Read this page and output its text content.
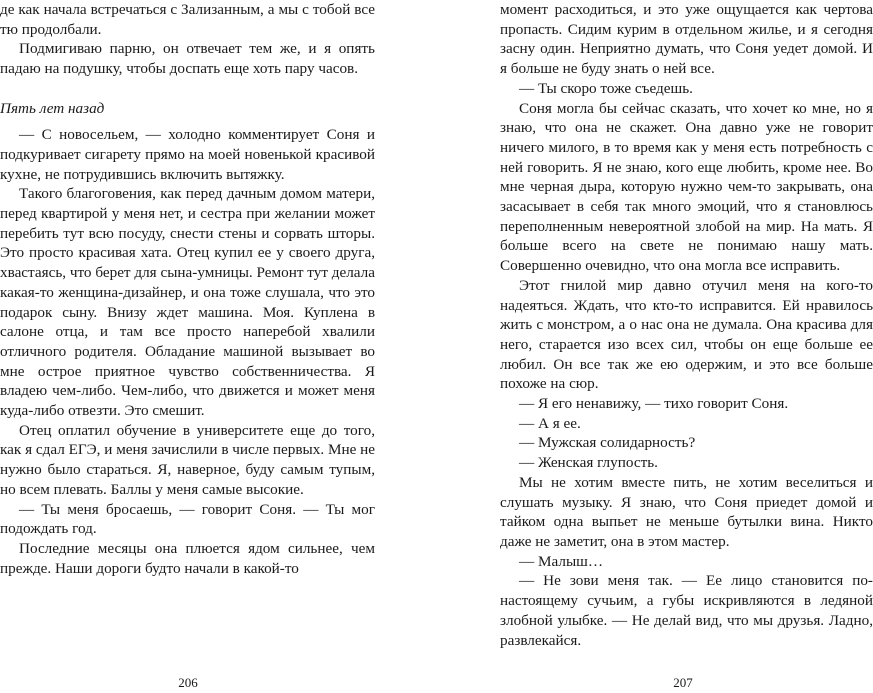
де как начала встречаться с Зализанным, а мы с тобой все тю продолбали.

Подмигиваю парню, он отвечает тем же, и я опять падаю на подушку, чтобы доспать еще хоть пару часов.

Пять лет назад

— С новосельем, — холодно комментирует Соня и подкуривает сигарету прямо на моей новенькой красивой кухне, не потрудившись включить вытяжку.

Такого благоговения, как перед дачным домом матери, перед квартирой у меня нет, и сестра при желании может перебить тут всю посуду, снести стены и сорвать шторы. Это просто красивая хата. Отец купил ее у своего друга, хвастаясь, что берет для сына-умницы. Ремонт тут делала какая-то женщина-дизайнер, и она тоже слушала, что это подарок сыну. Внизу ждет машина. Моя. Куплена в салоне отца, и там все просто наперебой хвалили отличного родителя. Обладание машиной вызывает во мне острое приятное чувство собственничества. Я владею чем-либо. Чем-либо, что движется и может меня куда-либо отвезти. Это смешит.

Отец оплатил обучение в университете еще до того, как я сдал ЕГЭ, и меня зачислили в числе первых. Мне не нужно было стараться. Я, наверное, буду самым тупым, но всем плевать. Баллы у меня самые высокие.

— Ты меня бросаешь, — говорит Соня. — Ты мог подождать год.

Последние месяцы она плюется ядом сильнее, чем прежде. Наши дороги будто начали в какой-то

момент расходиться, и это уже ощущается как чертова пропасть. Сидим курим в отдельном жилье, и я сегодня засну один. Неприятно думать, что Соня уедет домой. И я больше не буду знать о ней все.

— Ты скоро тоже съедешь.

Соня могла бы сейчас сказать, что хочет ко мне, но я знаю, что она не скажет. Она давно уже не говорит ничего милого, в то время как у меня есть потребность с ней говорить. Я не знаю, кого еще любить, кроме нее. Во мне черная дыра, которую нужно чем-то закрывать, она засасывает в себя так много эмоций, что я становлюсь переполненным невероятной злобой на мир. На мать. Я больше всего на свете не понимаю нашу мать. Совершенно очевидно, что она могла все исправить.

Этот гнилой мир давно отучил меня на кого-то надеяться. Ждать, что кто-то исправится. Ей нравилось жить с монстром, а о нас она не думала. Она красива для него, старается изо всех сил, чтобы он еще больше ее любил. Он все так же ею одержим, и это все больше похоже на сюр.

— Я его ненавижу, — тихо говорит Соня.

— А я ее.

— Мужская солидарность?

— Женская глупость.

Мы не хотим вместе пить, не хотим веселиться и слушать музыку. Я знаю, что Соня приедет домой и тайком одна выпьет не меньше бутылки вина. Никто даже не заметит, она в этом мастер.

— Малыш…

— Не зови меня так. — Ее лицо становится по-настоящему сучьим, а губы искривляются в ледяной злобной улыбке. — Не делай вид, что мы друзья. Ладно, развлекайся.

206	207
